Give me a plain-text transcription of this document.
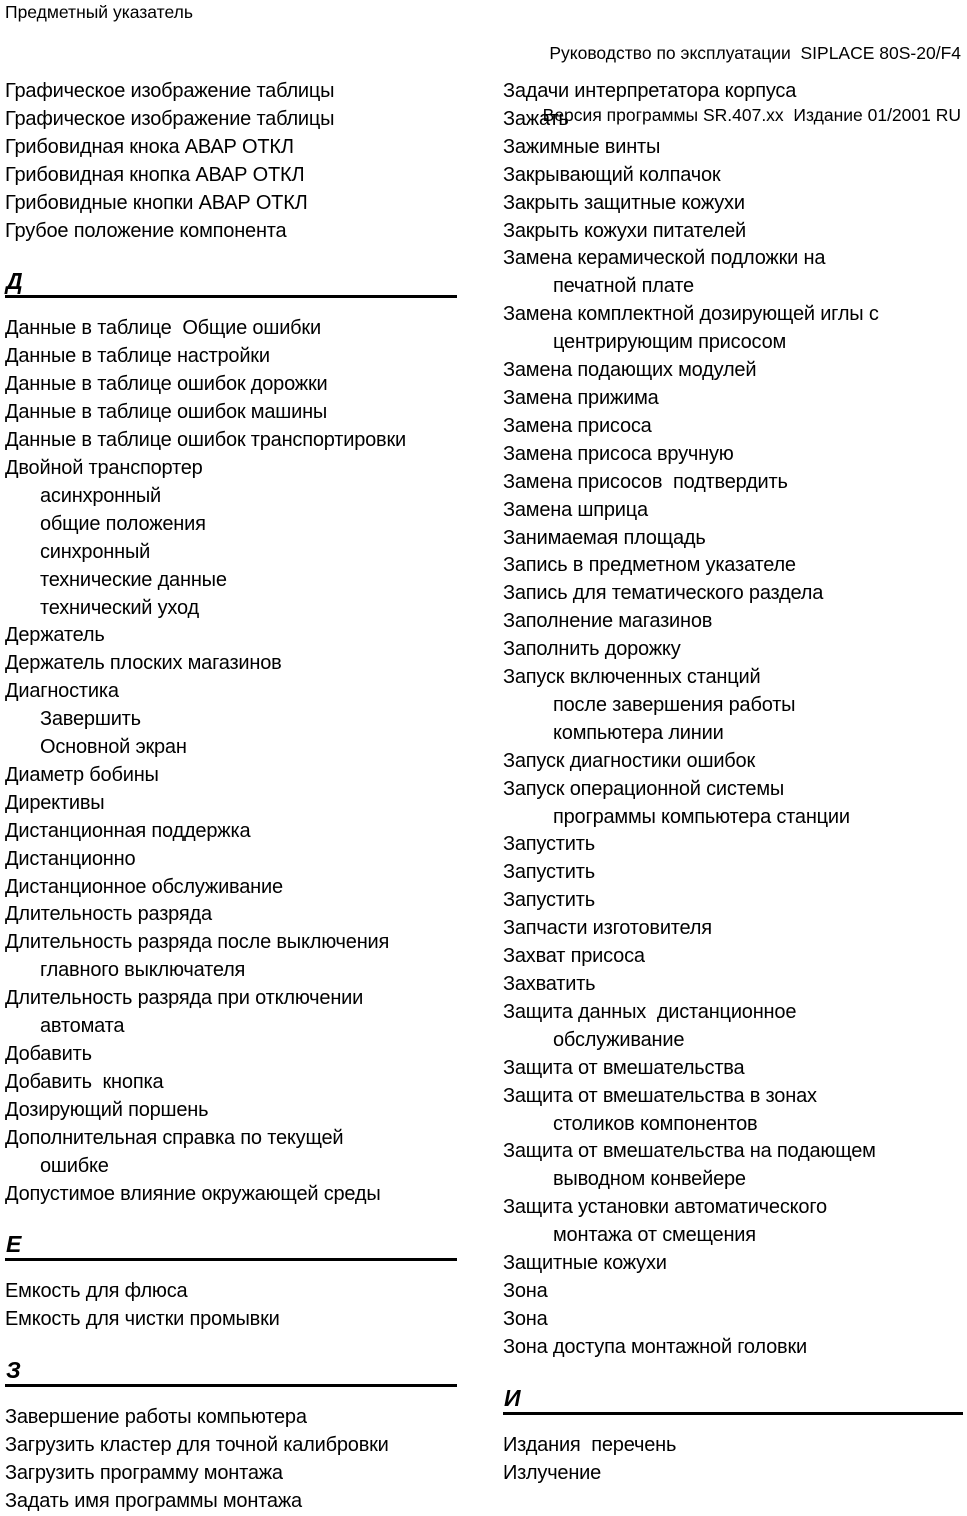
Предметный указатель

Руководство по эксплуатации  SIPLACE 80S-20/F4

Версия программы SR.407.xx  Издание 01/2001 RU

Графическое изображение таблицы
Графическое изображение таблицы
Грибовидная кнока АВАР ОТКЛ
Грибовидная кнопка АВАР ОТКЛ
Грибовидные кнопки АВАР ОТКЛ
Грубое положение компонента
Д
Данные в таблице  Общие ошибки
Данные в таблице настройки
Данные в таблице ошибок дорожки
Данные в таблице ошибок машины
Данные в таблице ошибок транспортировки
Двойной транспортер
асинхронный
общие положения
синхронный
технические данные
технический уход
Держатель
Держатель плоских магазинов
Диагностика
Завершить
Основной экран
Диаметр бобины
Директивы
Дистанционная поддержка
Дистанционно
Дистанционное обслуживание
Длительность разряда
Длительность разряда после выключения
главного выключателя
Длительность разряда при отключении
автомата
Добавить
Добавить  кнопка
Дозирующий поршень
Дополнительная справка по текущей
ошибке
Допустимое влияние окружающей среды
Е
Емкость для флюса
Емкость для чистки промывки
З
Завершение работы компьютера
Загрузить кластер для точной калибровки
Загрузить программу монтажа
Задать имя программы монтажа
Задачи интерпретатора корпуса
Зажать
Зажимные винты
Закрывающий колпачок
Закрыть защитные кожухи
Закрыть кожухи питателей
Замена керамической подложки на
печатной плате
Замена комплектной дозирующей иглы с
центрирующим присосом
Замена подающих модулей
Замена прижима
Замена присоса
Замена присоса вручную
Замена присосов  подтвердить
Замена шприца
Занимаемая площадь
Запись в предметном указателе
Запись для тематического раздела
Заполнение магазинов
Заполнить дорожку
Запуск включенных станций
после завершения работы
компьютера линии
Запуск диагностики ошибок
Запуск операционной системы
программы компьютера станции
Запустить
Запустить
Запустить
Запчасти изготовителя
Захват присоса
Захватить
Защита данных  дистанционное
обслуживание
Защита от вмешательства
Защита от вмешательства в зонах
столиков компонентов
Защита от вмешательства на подающем
выводном конвейере
Защита установки автоматического
монтажа от смещения
Защитные кожухи
Зона
Зона
Зона доступа монтажной головки
И
Издания  перечень
Излучение
